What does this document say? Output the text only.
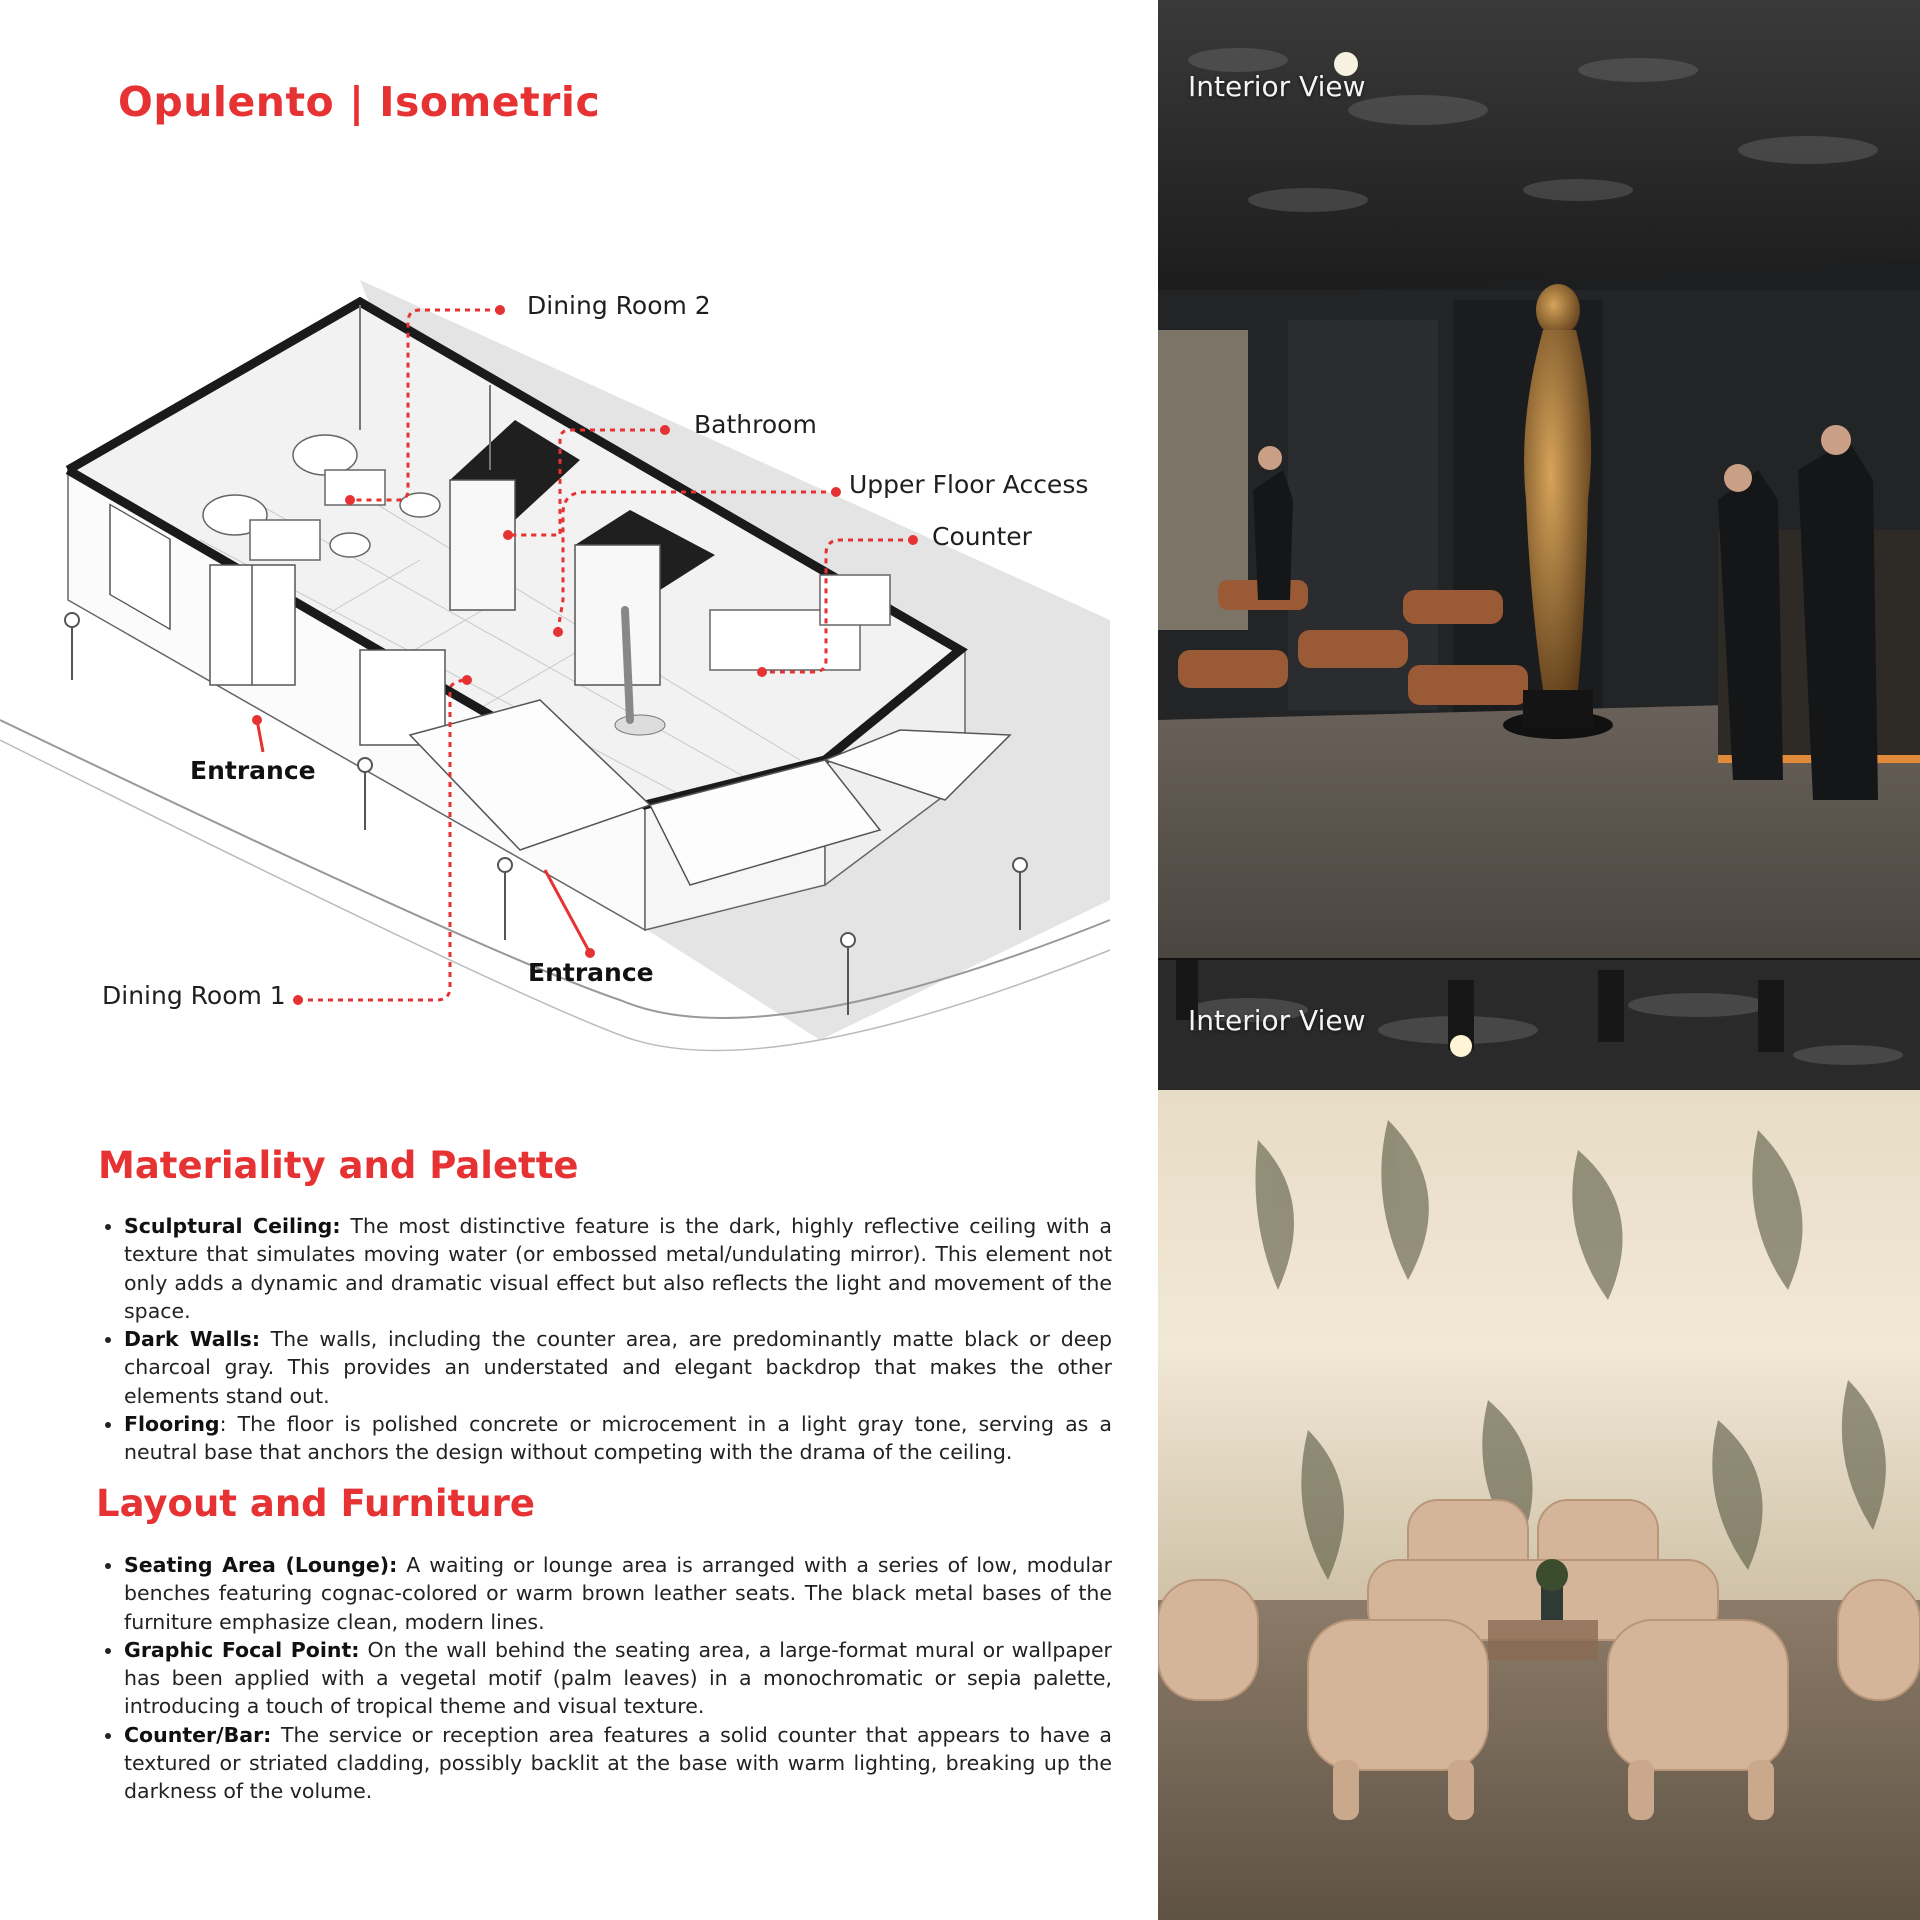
Opulento | Isometric
Dining Room 2
Bathroom
Upper Floor Access
Counter
Entrance
Entrance
Dining Room 1
Materiality and Palette
• Sculptural Ceiling: The most distinctive feature is the dark, highly reflective ceiling with a texture that simulates moving water (or embossed metal/undulating mirror). This element not only adds a dynamic and dramatic visual effect but also reflects the light and movement of the space.
• Dark Walls: The walls, including the counter area, are predominantly matte black or deep charcoal gray. This provides an understated and elegant backdrop that makes the other elements stand out.
• Flooring: The floor is polished concrete or microcement in a light gray tone, serving as a neutral base that anchors the design without competing with the drama of the ceiling.
Layout and Furniture
• Seating Area (Lounge): A waiting or lounge area is arranged with a series of low, modular benches featuring cognac-colored or warm brown leather seats. The black metal bases of the furniture emphasize clean, modern lines.
• Graphic Focal Point: On the wall behind the seating area, a large-format mural or wallpaper has been applied with a vegetal motif (palm leaves) in a monochromatic or sepia palette, introducing a touch of tropical theme and visual texture.
• Counter/Bar: The service or reception area features a solid counter that appears to have a textured or striated cladding, possibly backlit at the base with warm lighting, breaking up the darkness of the volume.
Interior View
Interior View
